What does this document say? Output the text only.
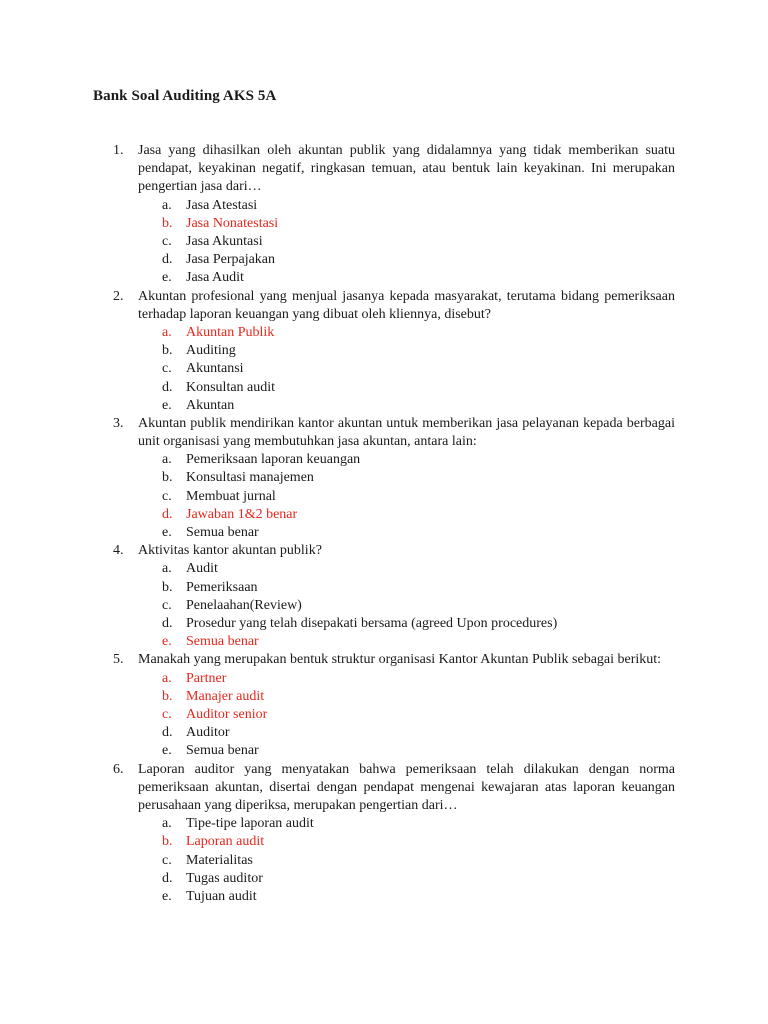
Bank Soal Auditing AKS 5A
1. Jasa yang dihasilkan oleh akuntan publik yang didalamnya yang tidak memberikan suatu pendapat, keyakinan negatif, ringkasan temuan, atau bentuk lain keyakinan. Ini merupakan pengertian jasa dari…

a. Jasa Atestasi
b. Jasa Nonatestasi
c. Jasa Akuntasi
d. Jasa Perpajakan
e. Jasa Audit
2. Akuntan profesional yang menjual jasanya kepada masyarakat, terutama bidang pemeriksaan terhadap laporan keuangan yang dibuat oleh kliennya, disebut?

a. Akuntan Publik
b. Auditing
c. Akuntansi
d. Konsultan audit
e. Akuntan
3. Akuntan publik mendirikan kantor akuntan untuk memberikan jasa pelayanan kepada berbagai unit organisasi yang membutuhkan jasa akuntan, antara lain:

a. Pemeriksaan laporan keuangan
b. Konsultasi manajemen
c. Membuat jurnal
d. Jawaban 1&2 benar
e. Semua benar
4. Aktivitas kantor akuntan publik?

a. Audit
b. Pemeriksaan
c. Penelaahan(Review)
d. Prosedur yang telah disepakati bersama (agreed Upon procedures)
e. Semua benar
5. Manakah yang merupakan bentuk struktur organisasi Kantor Akuntan Publik sebagai berikut:

a. Partner
b. Manajer audit
c. Auditor senior
d. Auditor
e. Semua benar
6. Laporan auditor yang menyatakan bahwa pemeriksaan telah dilakukan dengan norma pemeriksaan akuntan, disertai dengan pendapat mengenai kewajaran atas laporan keuangan perusahaan yang diperiksa, merupakan pengertian dari…

a. Tipe-tipe laporan audit
b. Laporan audit
c. Materialitas
d. Tugas auditor
e. Tujuan audit
